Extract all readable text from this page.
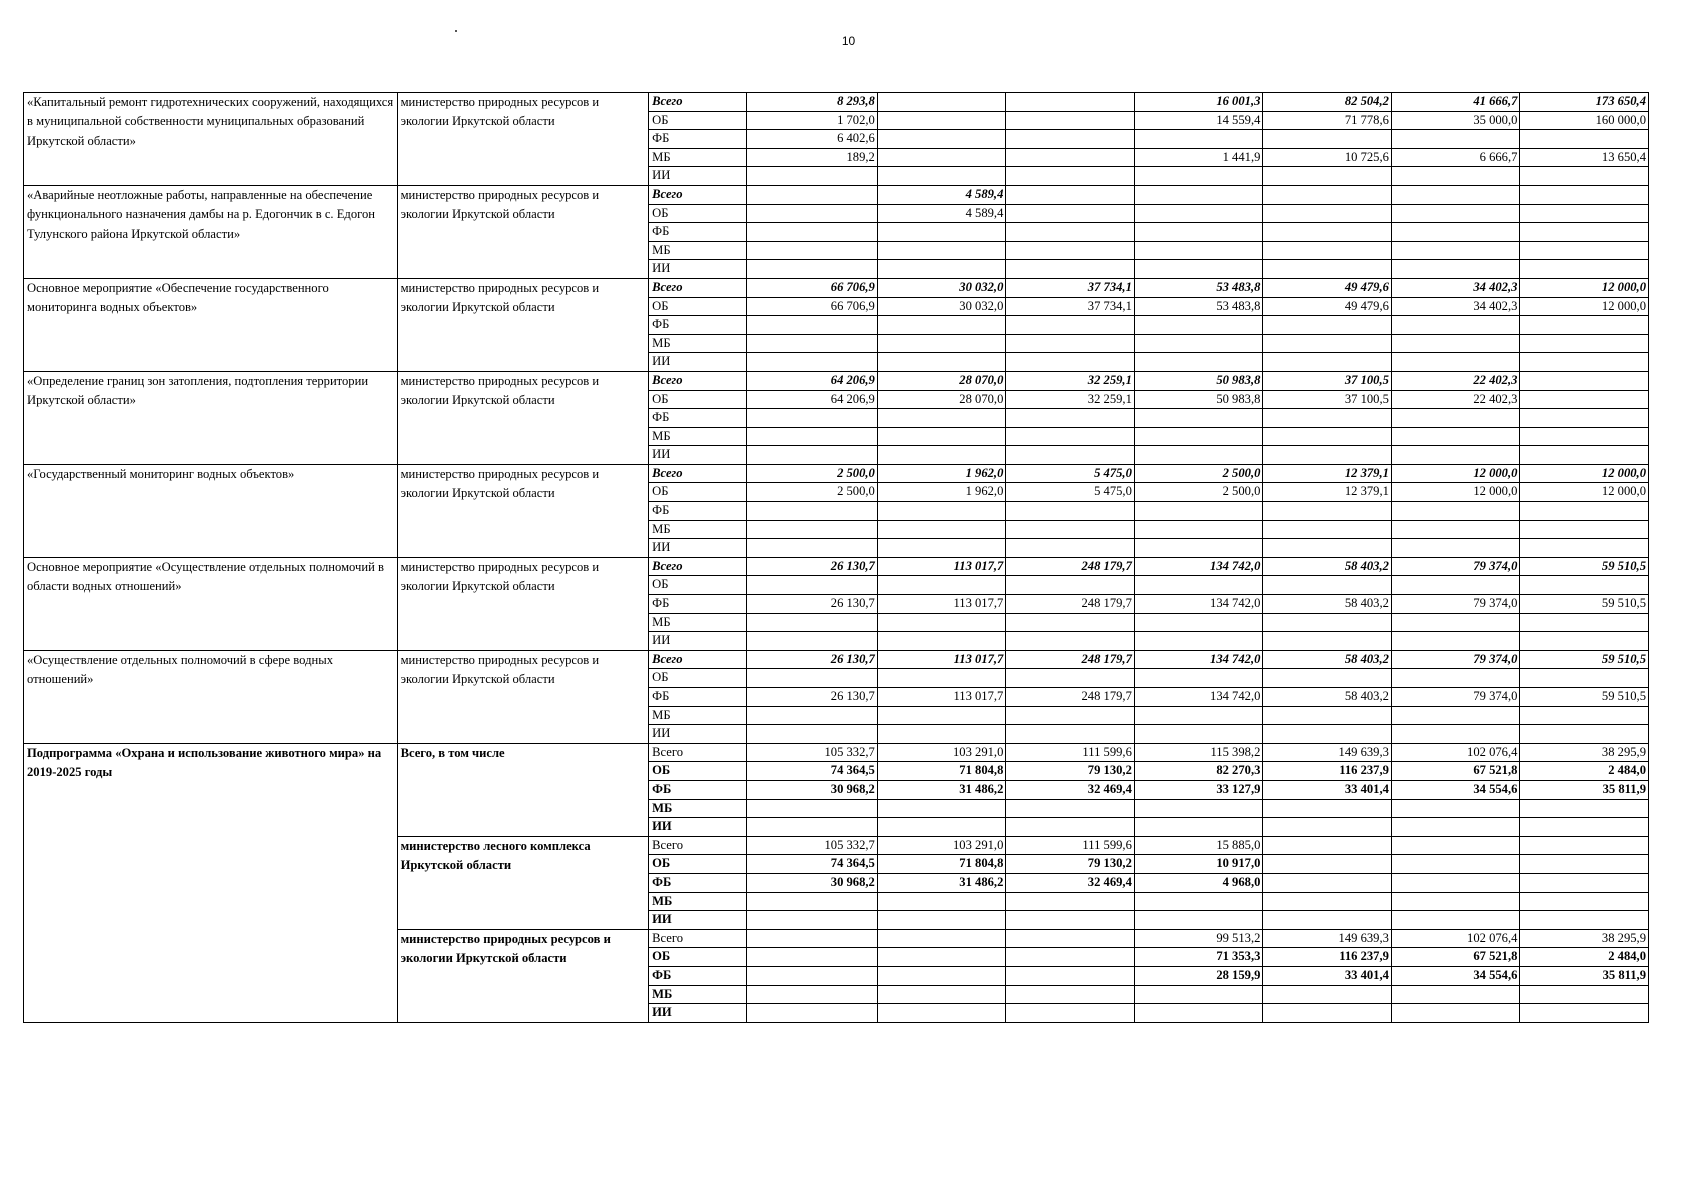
10
«Капитальный ремонт гидротехнических сооружений, находящихся в муниципальной собственности муниципальных образований Иркутской области»	министерство природных ресурсов и экологии Иркутской области	Всего	8 293,8			16 001,3	82 504,2	41 666,7	173 650,4
		ОБ	1 702,0			14 559,4	71 778,6	35 000,0	160 000,0
		ФБ	6 402,6						
		МБ	189,2			1 441,9	10 725,6	6 666,7	13 650,4
		ИИ							
«Аварийные неотложные работы, направленные на обеспечение функционального назначения дамбы на р. Едогончик в с. Едогон Тулунского района Иркутской области»	министерство природных ресурсов и экологии Иркутской области	Всего		4 589,4					
		ОБ		4 589,4					
		ФБ							
		МБ							
		ИИ							
Основное мероприятие «Обеспечение государственного мониторинга водных объектов»	министерство природных ресурсов и экологии Иркутской области	Всего	66 706,9	30 032,0	37 734,1	53 483,8	49 479,6	34 402,3	12 000,0
		ОБ	66 706,9	30 032,0	37 734,1	53 483,8	49 479,6	34 402,3	12 000,0
		ФБ							
		МБ							
		ИИ							
«Определение границ зон затопления, подтопления территории Иркутской области»	министерство природных ресурсов и экологии Иркутской области	Всего	64 206,9	28 070,0	32 259,1	50 983,8	37 100,5	22 402,3	
		ОБ	64 206,9	28 070,0	32 259,1	50 983,8	37 100,5	22 402,3	
		ФБ							
		МБ							
		ИИ							
«Государственный мониторинг водных объектов»	министерство природных ресурсов и экологии Иркутской области	Всего	2 500,0	1 962,0	5 475,0	2 500,0	12 379,1	12 000,0	12 000,0
		ОБ	2 500,0	1 962,0	5 475,0	2 500,0	12 379,1	12 000,0	12 000,0
		ФБ							
		МБ							
		ИИ							
Основное мероприятие «Осуществление отдельных полномочий в области водных отношений»	министерство природных ресурсов и экологии Иркутской области	Всего	26 130,7	113 017,7	248 179,7	134 742,0	58 403,2	79 374,0	59 510,5
		ОБ							
		ФБ	26 130,7	113 017,7	248 179,7	134 742,0	58 403,2	79 374,0	59 510,5
		МБ							
		ИИ							
«Осуществление отдельных полномочий в сфере водных отношений»	министерство природных ресурсов и экологии Иркутской области	Всего	26 130,7	113 017,7	248 179,7	134 742,0	58 403,2	79 374,0	59 510,5
		ОБ							
		ФБ	26 130,7	113 017,7	248 179,7	134 742,0	58 403,2	79 374,0	59 510,5
		МБ							
		ИИ							
Подпрограмма «Охрана и использование животного мира» на 2019-2025 годы	Всего, в том числе	Всего	105 332,7	103 291,0	111 599,6	115 398,2	149 639,3	102 076,4	38 295,9
		ОБ	74 364,5	71 804,8	79 130,2	82 270,3	116 237,9	67 521,8	2 484,0
		ФБ	30 968,2	31 486,2	32 469,4	33 127,9	33 401,4	34 554,6	35 811,9
		МБ							
		ИИ							
	министерство лесного комплекса Иркутской области	Всего	105 332,7	103 291,0	111 599,6	15 885,0			
		ОБ	74 364,5	71 804,8	79 130,2	10 917,0			
		ФБ	30 968,2	31 486,2	32 469,4	4 968,0			
		МБ							
		ИИ							
	министерство природных ресурсов и экологии Иркутской области	Всего				99 513,2	149 639,3	102 076,4	38 295,9
		ОБ				71 353,3	116 237,9	67 521,8	2 484,0
		ФБ				28 159,9	33 401,4	34 554,6	35 811,9
		МБ							
		ИИ							
